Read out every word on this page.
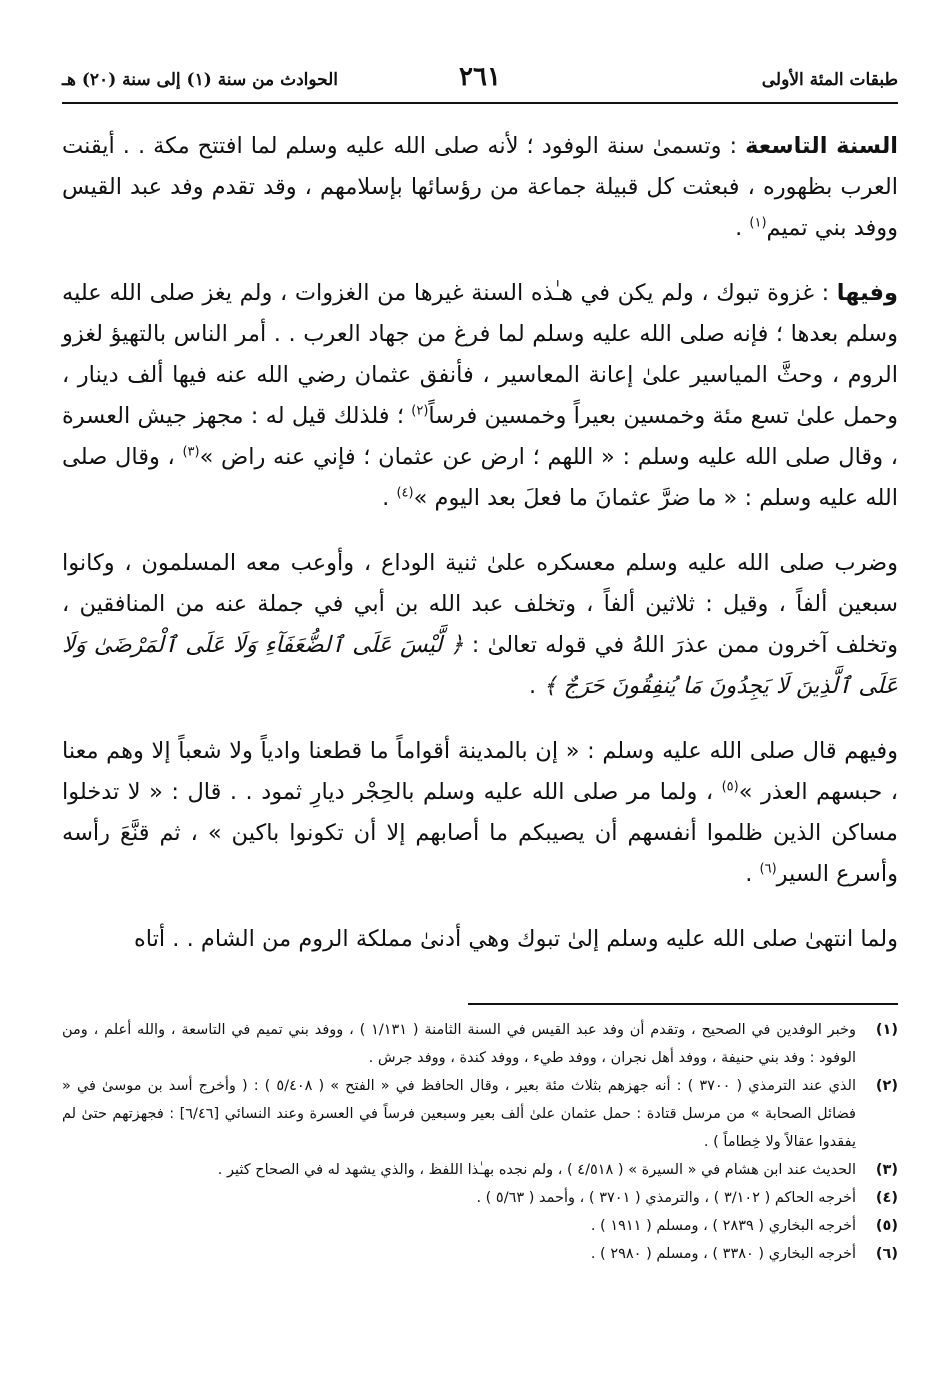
طبقات المئة الأولى
٢٦١
الحوادث من سنة (١) إلى سنة (٢٠) هـ

السنة التاسعة : وتسمىٰ سنة الوفود ؛ لأنه صلى الله عليه وسلم لما افتتح مكة . . أيقنت العرب بظهوره ، فبعثت كل قبيلة جماعة من رؤسائها بإسلامهم ، وقد تقدم وفد عبد القيس ووفد بني تميم$^{(١)}$ .

وفيها : غزوة تبوك ، ولم يكن في هـٰذه السنة غيرها من الغزوات ، ولم يغز صلى الله عليه وسلم بعدها ؛ فإنه صلى الله عليه وسلم لما فرغ من جهاد العرب . . أمر الناس بالتهيؤ لغزو الروم ، وحثَّ المياسير علىٰ إعانة المعاسير ، فأنفق عثمان رضي الله عنه فيها ألف دينار ، وحمل علىٰ تسع مئة وخمسين بعيراً وخمسين فرساً$^{(٢)}$ ؛ فلذلك قيل له : مجهز جيش العسرة ، وقال صلى الله عليه وسلم : « اللهم ؛ ارض عن عثمان ؛ فإني عنه راض »$^{(٣)}$ ، وقال صلى الله عليه وسلم : « ما ضرَّ عثمانَ ما فعلَ بعد اليوم »$^{(٤)}$ .

وضرب صلى الله عليه وسلم معسكره علىٰ ثنية الوداع ، وأوعب معه المسلمون ، وكانوا سبعين ألفاً ، وقيل : ثلاثين ألفاً ، وتخلف عبد الله بن أبي في جملة عنه من المنافقين ، وتخلف آخرون ممن عذرَ اللهُ في قوله تعالىٰ : ﴿ لَّيْسَ عَلَى ٱلضُّعَفَآءِ وَلَا عَلَى ٱلْمَرْضَىٰ وَلَا عَلَى ٱلَّذِينَ لَا يَجِدُونَ مَا يُنفِقُونَ حَرَجٌ ﴾ .

وفيهم قال صلى الله عليه وسلم : « إن بالمدينة أقواماً ما قطعنا وادياً ولا شعباً إلا وهم معنا ، حبسهم العذر »$^{(٥)}$ ، ولما مر صلى الله عليه وسلم بالحِجْر ديارِ ثمود . . قال : « لا تدخلوا مساكن الذين ظلموا أنفسهم أن يصيبكم ما أصابهم إلا أن تكونوا باكين » ، ثم قنَّعَ رأسه وأسرع السير$^{(٦)}$ .

ولما انتهىٰ صلى الله عليه وسلم إلىٰ تبوك وهي أدنىٰ مملكة الروم من الشام . . أتاه

(١)
وخبر الوفدين في الصحيح ، وتقدم أن وفد عبد القيس في السنة الثامنة ( ١/١٣١ ) ، ووفد بني تميم في التاسعة ، والله أعلم ، ومن الوفود : وفد بني حنيفة ، ووفد أهل نجران ، ووفد طيء ، ووفد كندة ، ووفد جرش .
(٢)
الذي عند الترمذي ( ٣٧٠٠ ) : أنه جهزهم بثلاث مئة بعير ، وقال الحافظ في « الفتح » ( ٥/٤٠٨ ) : ( وأخرج أسد بن موسىٰ في « فضائل الصحابة » من مرسل قتادة : حمل عثمان علىٰ ألف بعير وسبعين فرساً في العسرة وعند النسائي [٦/٤٦] : فجهزتهم حتىٰ لم يفقدوا عقالاً ولا خِطاماً ) .
(٣)
الحديث عند ابن هشام في « السيرة » ( ٤/٥١٨ ) ، ولم نجده بهـٰذا اللفظ ، والذي يشهد له في الصحاح كثير .
(٤)
أخرجه الحاكم ( ٣/١٠٢ ) ، والترمذي ( ٣٧٠١ ) ، وأحمد ( ٥/٦٣ ) .
(٥)
أخرجه البخاري ( ٢٨٣٩ ) ، ومسلم ( ١٩١١ ) .
(٦)
أخرجه البخاري ( ٣٣٨٠ ) ، ومسلم ( ٢٩٨٠ ) .
